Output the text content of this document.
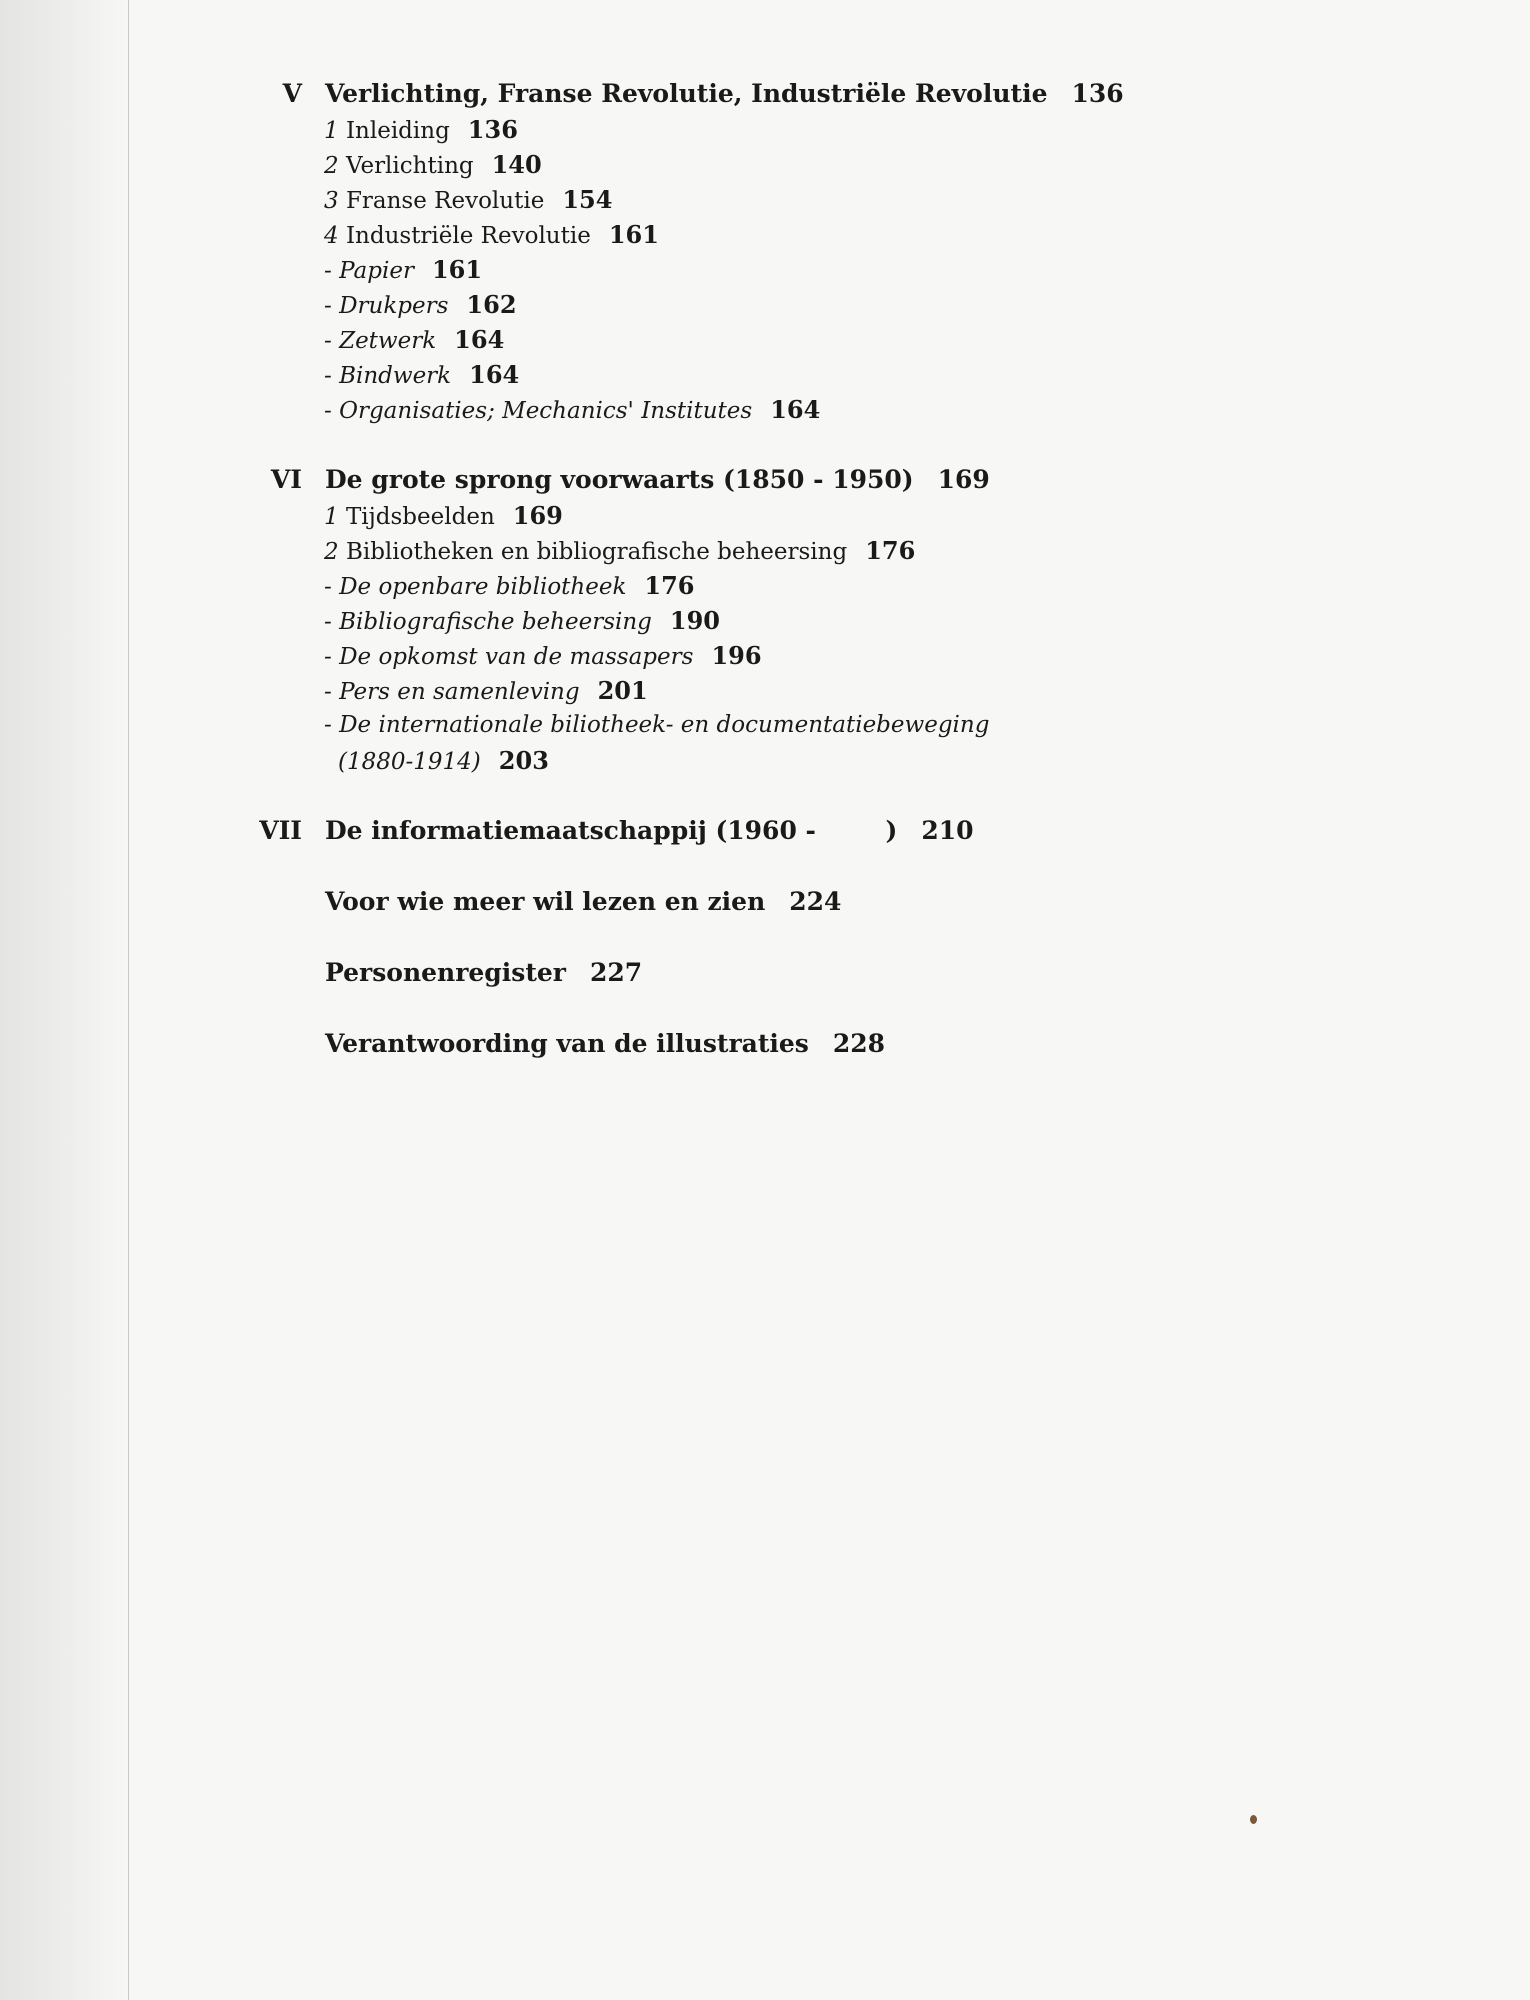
V Verlichting, Franse Revolutie, Industriële Revolutie 136
1 Inleiding 136
2 Verlichting 140
3 Franse Revolutie 154
4 Industriële Revolutie 161
- Papier 161
- Drukpers 162
- Zetwerk 164
- Bindwerk 164
- Organisaties; Mechanics' Institutes 164
VI De grote sprong voorwaarts (1850 - 1950) 169
1 Tijdsbeelden 169
2 Bibliotheken en bibliografische beheersing 176
- De openbare bibliotheek 176
- Bibliografische beheersing 190
- De opkomst van de massapers 196
- Pers en samenleving 201
- De internationale biliotheek- en documentatiebeweging
(1880-1914) 203
VII De informatiemaatschappij (1960 -        ) 210
Voor wie meer wil lezen en zien 224
Personenregister 227
Verantwoording van de illustraties 228
